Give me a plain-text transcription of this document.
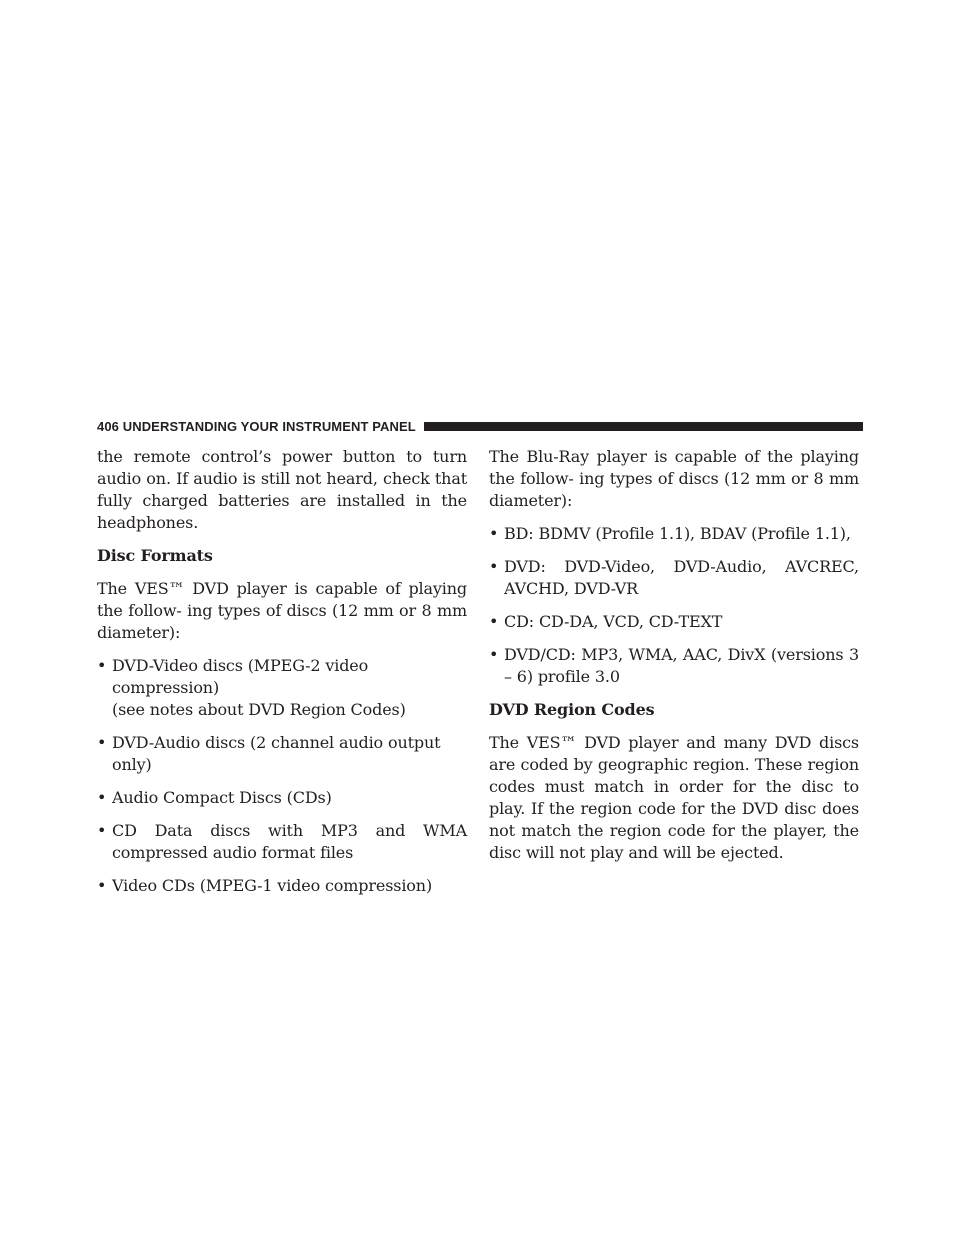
406 UNDERSTANDING YOUR INSTRUMENT PANEL

the remote control’s power button to turn audio on. If audio is still not heard, check that fully charged batteries are installed in the headphones.

Disc Formats

The VES™ DVD player is capable of playing the follow- ing types of discs (12 mm or 8 mm diameter):

• DVD-Video discs (MPEG-2 video compression)
(see notes about DVD Region Codes)

• DVD-Audio discs (2 channel audio output only)

• Audio Compact Discs (CDs)

• CD Data discs with MP3 and WMA compressed audio format files

• Video CDs (MPEG-1 video compression)

The Blu-Ray player is capable of the playing the follow- ing types of discs (12 mm or 8 mm diameter):

• BD: BDMV (Profile 1.1), BDAV (Profile 1.1),

• DVD: DVD-Video, DVD-Audio, AVCREC, AVCHD, DVD-VR

• CD: CD-DA, VCD, CD-TEXT

• DVD/CD: MP3, WMA, AAC, DivX (versions 3 – 6) profile 3.0

DVD Region Codes

The VES™ DVD player and many DVD discs are coded by geographic region. These region codes must match in order for the disc to play. If the region code for the DVD disc does not match the region code for the player, the disc will not play and will be ejected.
